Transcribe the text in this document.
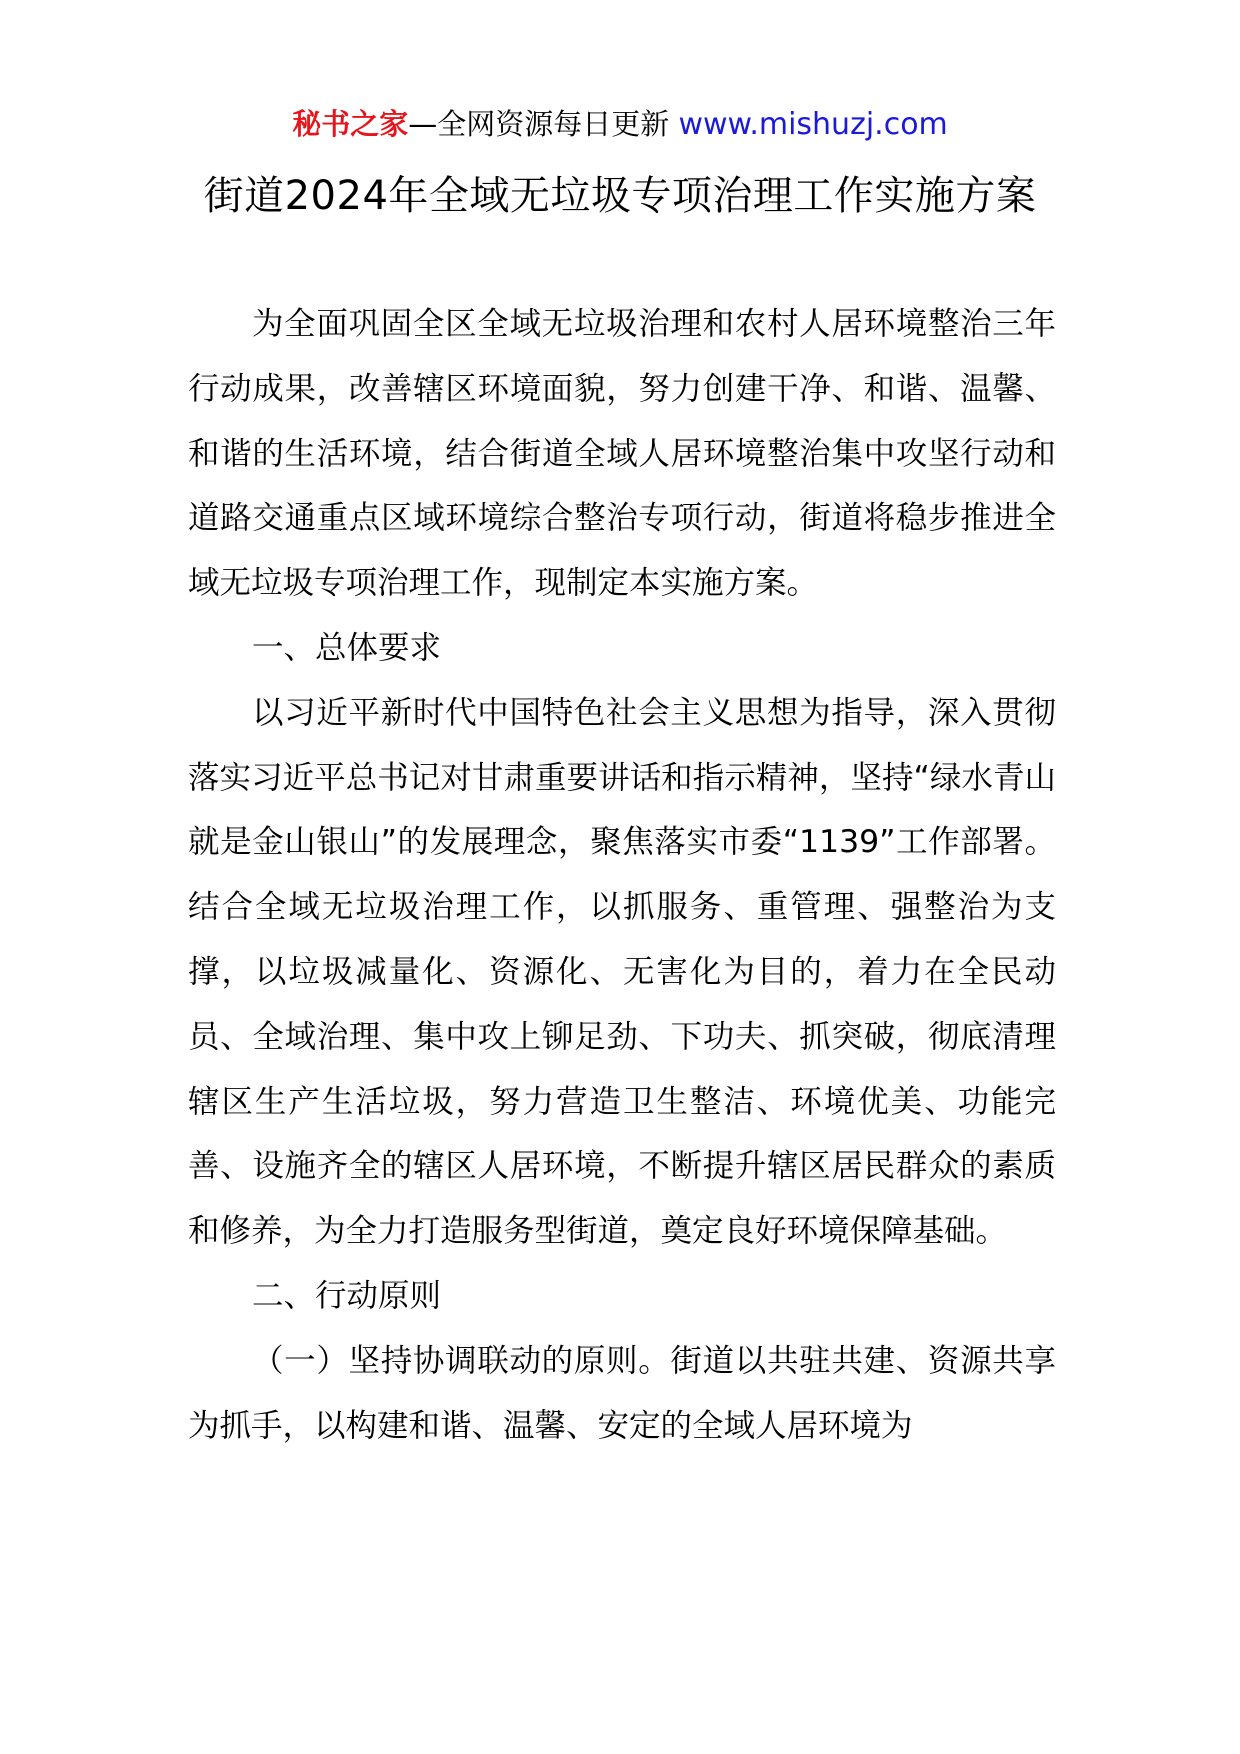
秘书之家—全网资源每日更新 www.mishuzj.com
街道2024年全域无垃圾专项治理工作实施方案

为全面巩固全区全域无垃圾治理和农村人居环境整治三年行动成果，改善辖区环境面貌，努力创建干净、和谐、温馨、和谐的生活环境，结合街道全域人居环境整治集中攻坚行动和道路交通重点区域环境综合整治专项行动，街道将稳步推进全域无垃圾专项治理工作，现制定本实施方案。

一、总体要求

以习近平新时代中国特色社会主义思想为指导，深入贯彻落实习近平总书记对甘肃重要讲话和指示精神，坚持“绿水青山就是金山银山”的发展理念，聚焦落实市委“1139”工作部署。结合全域无垃圾治理工作，以抓服务、重管理、强整治为支撑，以垃圾减量化、资源化、无害化为目的，着力在全民动员、全域治理、集中攻上铆足劲、下功夫、抓突破，彻底清理辖区生产生活垃圾，努力营造卫生整洁、环境优美、功能完善、设施齐全的辖区人居环境，不断提升辖区居民群众的素质和修养，为全力打造服务型街道，奠定良好环境保障基础。

二、行动原则

（一）坚持协调联动的原则。街道以共驻共建、资源共享为抓手，以构建和谐、温馨、安定的全域人居环境为
